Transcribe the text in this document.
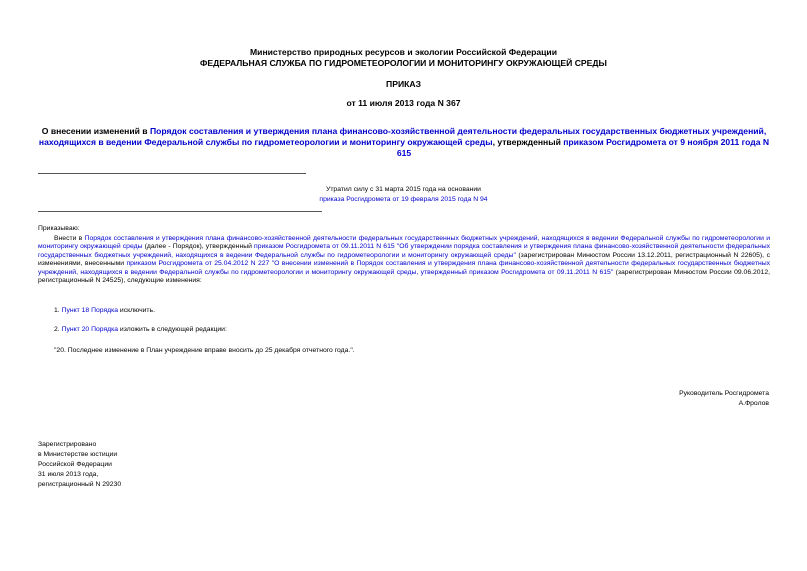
Министерство природных ресурсов и экологии Российской Федерации
ФЕДЕРАЛЬНАЯ СЛУЖБА ПО ГИДРОМЕТЕОРОЛОГИИ И МОНИТОРИНГУ ОКРУЖАЮЩЕЙ СРЕДЫ
ПРИКАЗ
от 11 июля 2013 года N 367
О внесении изменений в Порядок составления и утверждения плана финансово-хозяйственной деятельности федеральных государственных бюджетных учреждений, находящихся в ведении Федеральной службы по гидрометеорологии и мониторингу окружающей среды, утвержденный приказом Росгидромета от 9 ноября 2011 года N 615
Утратил силу с 31 марта 2015 года на основании
приказа Росгидромета от 19 февраля 2015 года N 94
Приказываю:
Внести в Порядок составления и утверждения плана финансово-хозяйственной деятельности федеральных государственных бюджетных учреждений, находящихся в ведении Федеральной службы по гидрометеорологии и мониторингу окружающей среды (далее - Порядок), утвержденный приказом Росгидромета от 09.11.2011 N 615 "Об утверждении порядка составления и утверждения плана финансово-хозяйственной деятельности федеральных государственных бюджетных учреждений, находящихся в ведении Федеральной службы по гидрометеорологии и мониторингу окружающей среды" (зарегистрирован Минюстом России 13.12.2011, регистрационный N 22605), с изменениями, внесенными приказом Росгидромета от 25.04.2012 N 227 "О внесении изменений в Порядок составления и утверждения плана финансово-хозяйственной деятельности федеральных государственных бюджетных учреждений, находящихся в ведении Федеральной службы по гидрометеорологии и мониторингу окружающей среды, утвержденный приказом Росгидромета от 09.11.2011 N 615" (зарегистрирован Минюстом России 09.06.2012, регистрационный N 24525), следующие изменения:
1. Пункт 18 Порядка исключить.
2. Пункт 20 Порядка изложить в следующей редакции:
"20. Последнее изменение в План учреждение вправе вносить до 25 декабря отчетного года.".
Руководитель Росгидромета
А.Фролов
Зарегистрировано
в Министерстве юстиции
Российской Федерации
31 июля 2013 года,
регистрационный N 29230
